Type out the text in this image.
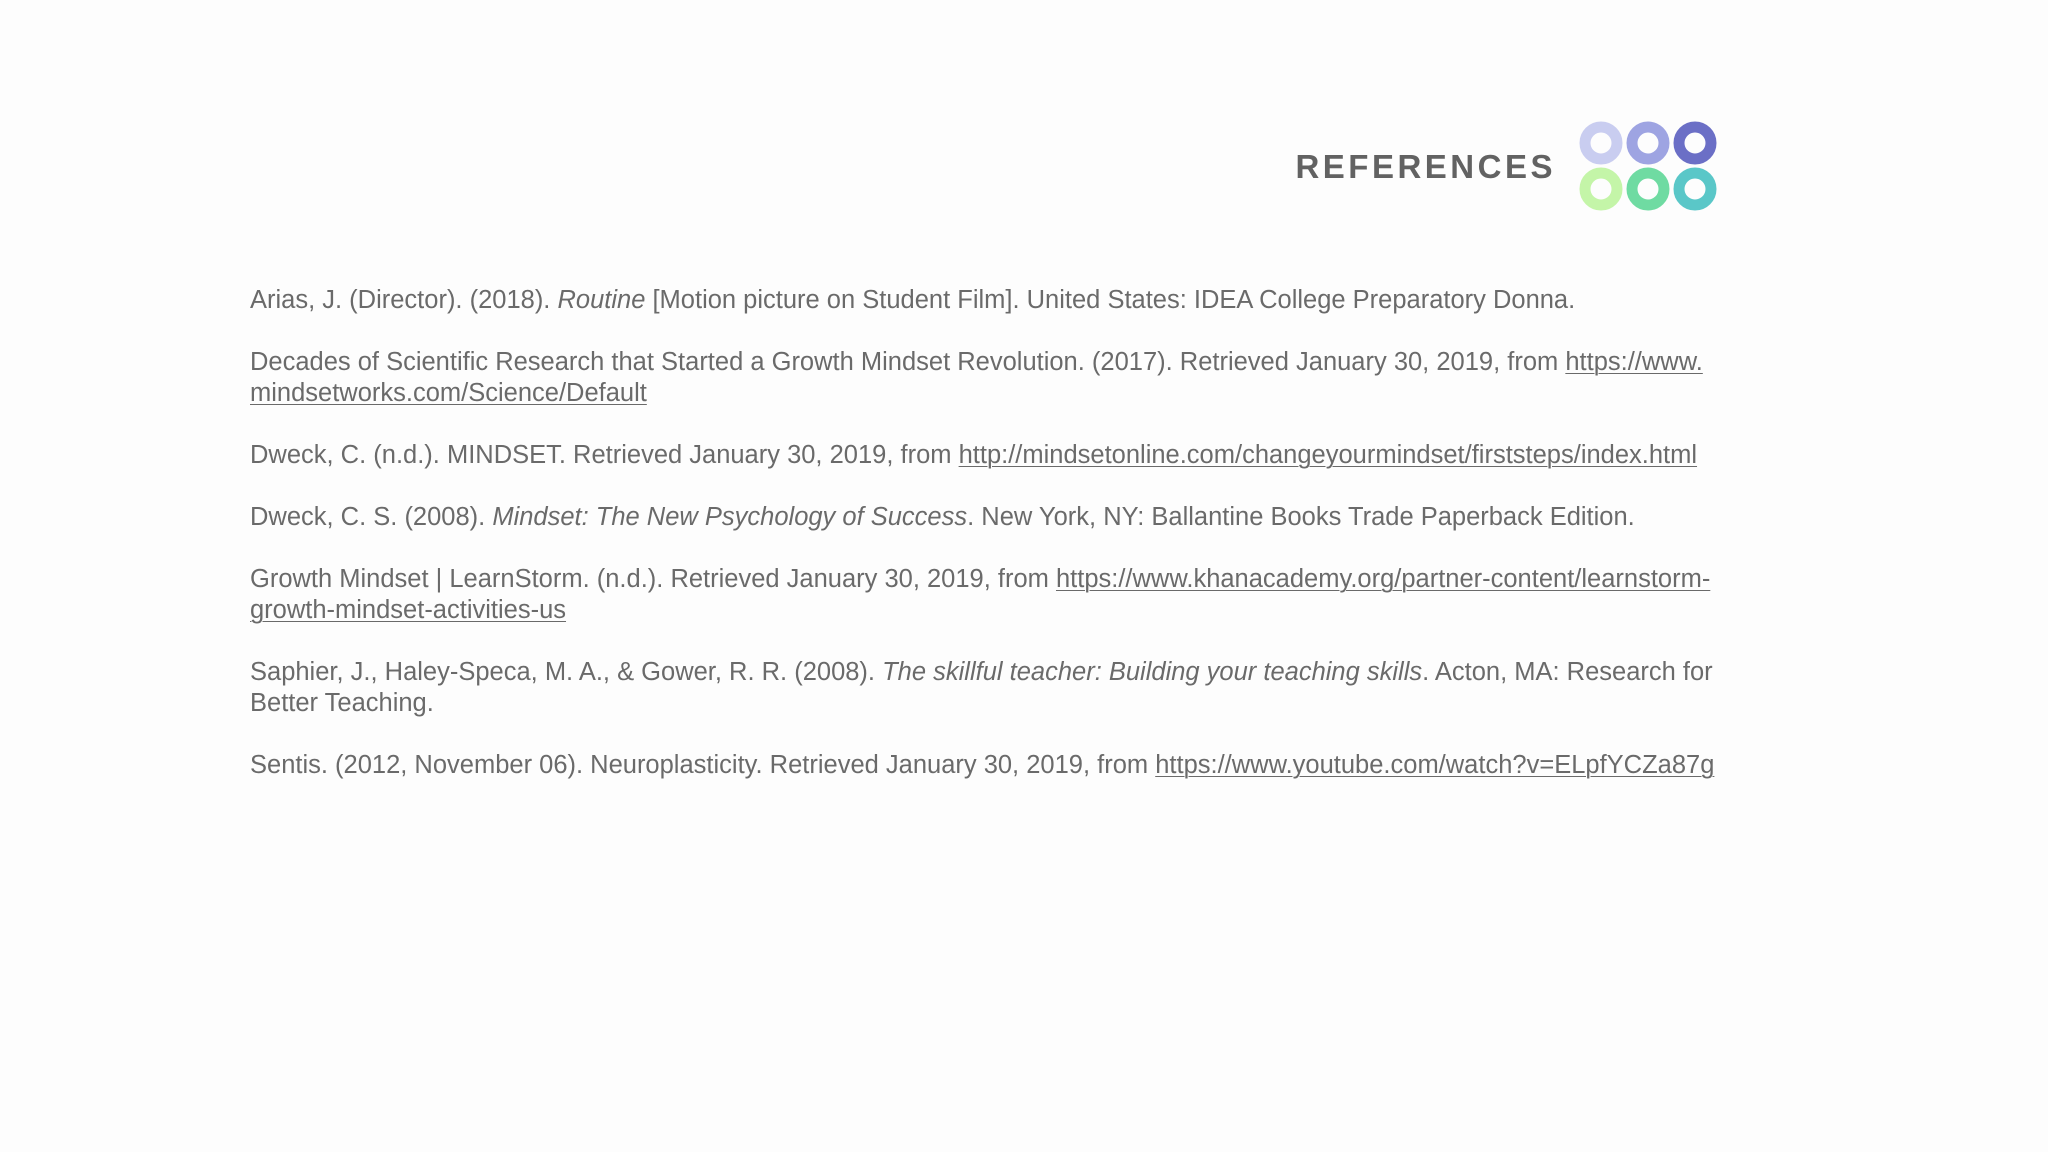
REFERENCES

Arias, J. (Director). (2018). Routine [Motion picture on Student Film]. United States: IDEA College Preparatory Donna.

Decades of Scientific Research that Started a Growth Mindset Revolution. (2017). Retrieved January 30, 2019, from https://www.mindsetworks.com/Science/Default

Dweck, C. (n.d.). MINDSET. Retrieved January 30, 2019, from http://mindsetonline.com/changeyourmindset/firststeps/index.html

Dweck, C. S. (2008). Mindset: The New Psychology of Success. New York, NY: Ballantine Books Trade Paperback Edition.

Growth Mindset | LearnStorm. (n.d.). Retrieved January 30, 2019, from https://www.khanacademy.org/partner-content/learnstorm-growth-mindset-activities-us

Saphier, J., Haley-Speca, M. A., & Gower, R. R. (2008). The skillful teacher: Building your teaching skills. Acton, MA: Research for Better Teaching.

Sentis. (2012, November 06). Neuroplasticity. Retrieved January 30, 2019, from https://www.youtube.com/watch?v=ELpfYCZa87g
